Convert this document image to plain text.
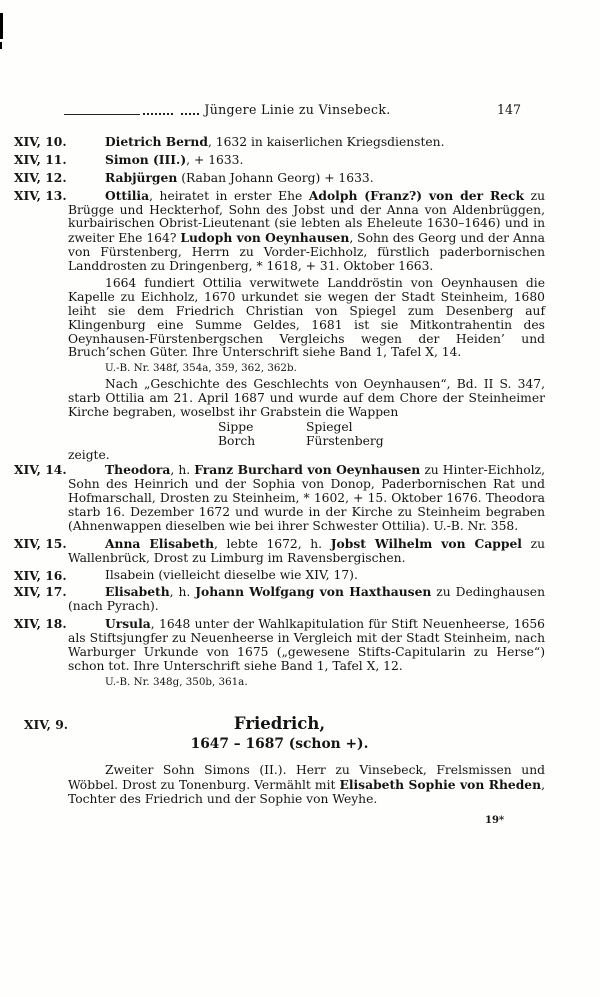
Jüngere Linie zu Vinsebeck.	147
XIV, 10.	Dietrich Bernd, 1632 in kaiserlichen Kriegsdiensten.

XIV, 11.	Simon (III.), + 1633.

XIV, 12.	Rabjürgen (Raban Johann Georg) + 1633.

XIV, 13.	Ottilia, heiratet in erster Ehe Adolph (Franz?) von der Reck zu Brügge und Heckterhof, Sohn des Jobst und der Anna von Aldenbrüggen, kurbairischen Obrist-Lieutenant (sie lebten als Eheleute 1630–1646) und in zweiter Ehe 164? Ludoph von Oeynhausen, Sohn des Georg und der Anna von Fürstenberg, Herrn zu Vorder-Eichholz, fürstlich paderbornischen Landdrosten zu Dringenberg, * 1618, + 31. Oktober 1663.

1664 fundiert Ottilia verwitwete Landdröstin von Oeynhausen die Kapelle zu Eichholz, 1670 urkundet sie wegen der Stadt Steinheim, 1680 leiht sie dem Friedrich Christian von Spiegel zum Desenberg auf Klingenburg eine Summe Geldes, 1681 ist sie Mitkontrahentin des Oeynhausen-Fürstenbergschen Vergleichs wegen der Heiden’ und Bruch’schen Güter. Ihre Unterschrift siehe Band 1, Tafel X, 14.

U.-B. Nr. 348f, 354a, 359, 362, 362b.

Nach „Geschichte des Geschlechts von Oeynhausen“, Bd. II S. 347, starb Ottilia am 21. April 1687 und wurde auf dem Chore der Steinheimer Kirche begraben, woselbst ihr Grabstein die Wappen

Sippe	Spiegel
Borch	Fürstenberg

zeigte.

XIV, 14.	Theodora, h. Franz Burchard von Oeynhausen zu Hinter-Eichholz, Sohn des Heinrich und der Sophia von Donop, Paderbornischen Rat und Hofmarschall, Drosten zu Steinheim, * 1602, + 15. Oktober 1676. Theodora starb 16. Dezember 1672 und wurde in der Kirche zu Steinheim begraben (Ahnenwappen dieselben wie bei ihrer Schwester Ottilia). U.-B. Nr. 358.

XIV, 15.	Anna Elisabeth, lebte 1672, h. Jobst Wilhelm von Cappel zu Wallenbrück, Drost zu Limburg im Ravensbergischen.

XIV, 16.	Ilsabein (vielleicht dieselbe wie XIV, 17).

XIV, 17.	Elisabeth, h. Johann Wolfgang von Haxthausen zu Dedinghausen (nach Pyrach).

XIV, 18.	Ursula, 1648 unter der Wahlkapitulation für Stift Neuenheerse, 1656 als Stiftsjungfer zu Neuenheerse in Vergleich mit der Stadt Steinheim, nach Warburger Urkunde von 1675 („gewesene Stifts-Capitularin zu Herse“) schon tot. Ihre Unterschrift siehe Band 1, Tafel X, 12.

U.-B. Nr. 348g, 350b, 361a.

XIV, 9.	Friedrich,
1647 – 1687 (schon +).

Zweiter Sohn Simons (II.). Herr zu Vinsebeck, Frelsmissen und Wöbbel. Drost zu Tonenburg. Vermählt mit Elisabeth Sophie von Rheden, Tochter des Friedrich und der Sophie von Weyhe.

19*
